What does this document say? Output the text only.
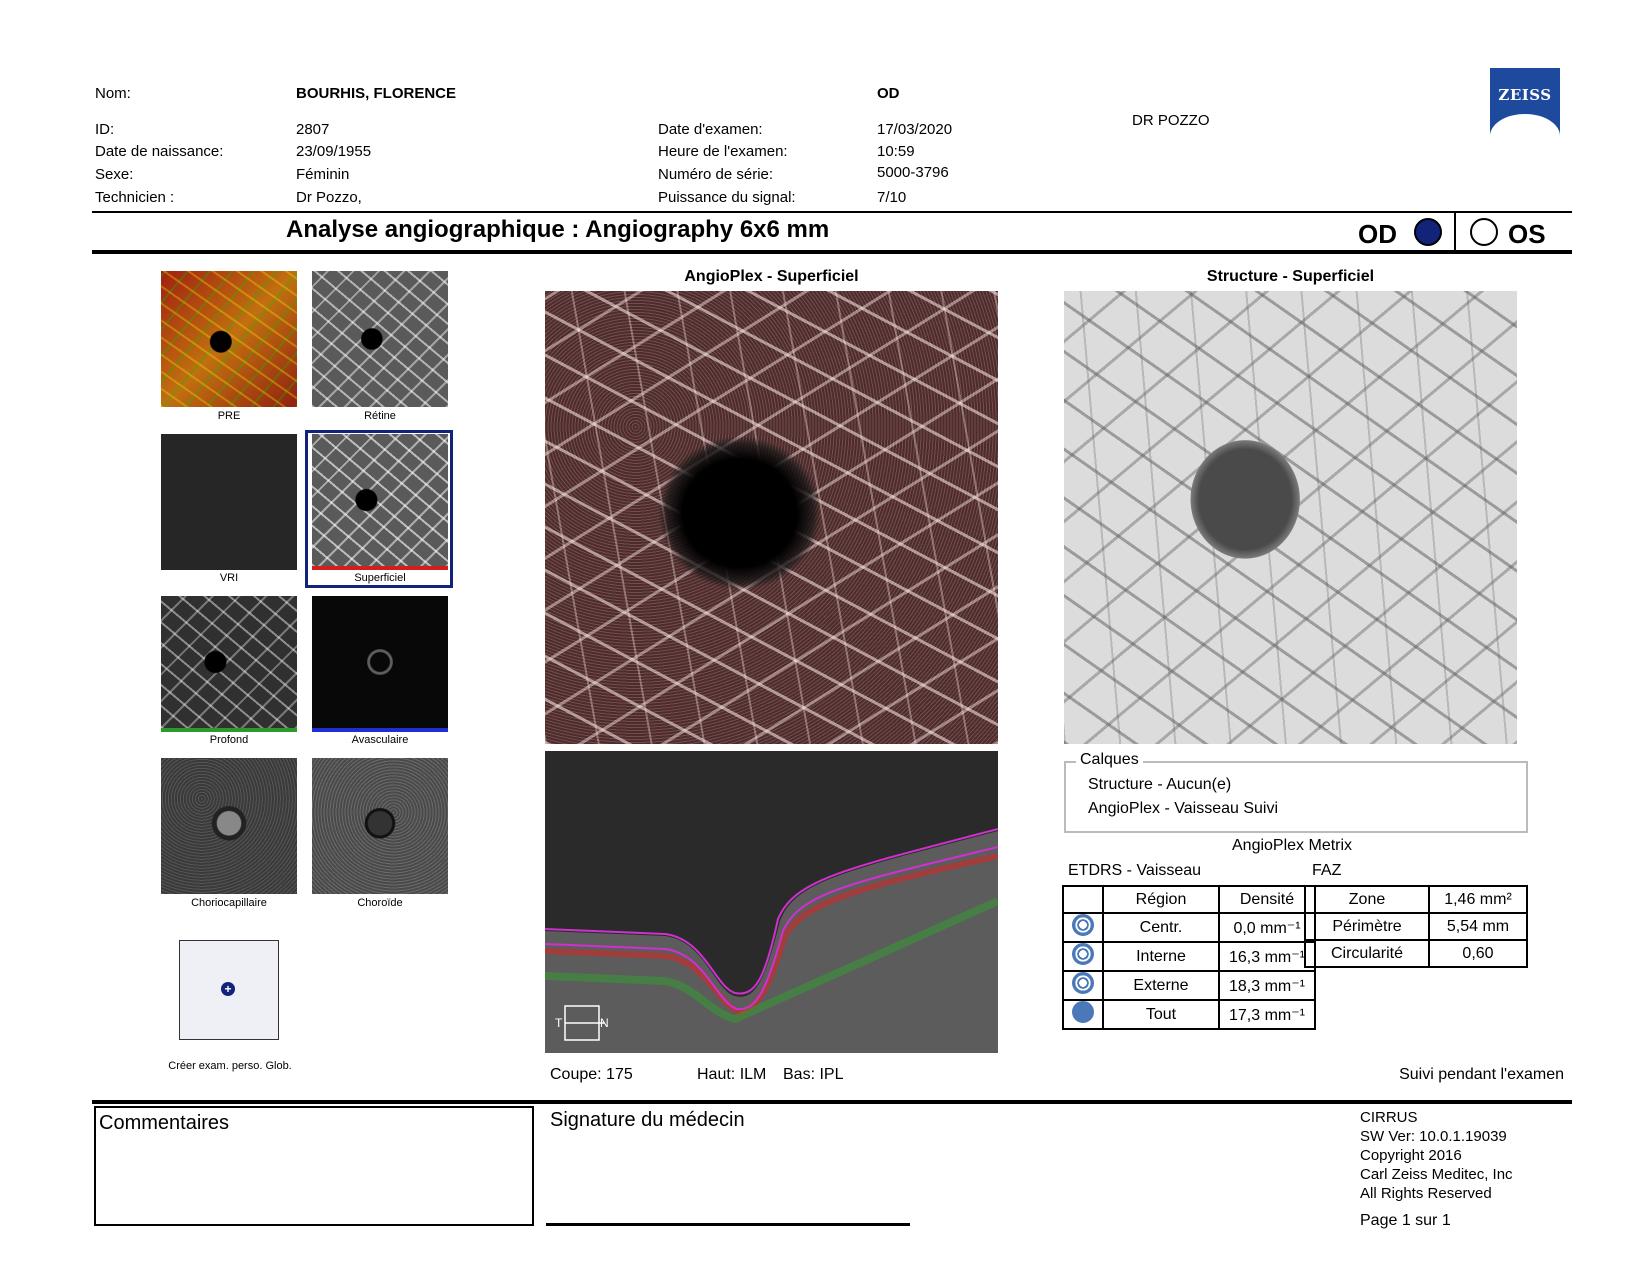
Nom:	BOURHIS, FLORENCE	OD
ID:	2807
Date de naissance:	23/09/1955
Sexe:	Féminin
Technicien :	Dr Pozzo,
Date d'examen:	17/03/2020
Heure de l'examen:	10:59
Numéro de série:	5000-3796
Puissance du signal:	7/10
DR POZZO
ZEISS
Analyse angiographique : Angiography 6x6 mm	OD	OS
PRE	Rétine
VRI	Superficiel
Profond	Avasculaire
Choriocapillaire	Choroïde
+
Créer exam. perso. Glob.
AngioPlex - Superficiel
T	N
Coupe: 175	Haut: ILM Bas: IPL
Structure - Superficiel
Calques
Structure - Aucun(e)
AngioPlex - Vaisseau Suivi
AngioPlex Metrix
ETDRS - Vaisseau	FAZ
	Région	Densité
	Centr.	0,0 mm⁻¹
	Interne	16,3 mm⁻¹
	Externe	18,3 mm⁻¹
	Tout	17,3 mm⁻¹
Zone	1,46 mm²
Périmètre	5,54 mm
Circularité	0,60
Suivi pendant l'examen
Commentaires	Signature du médecin	CIRRUS
SW Ver: 10.0.1.19039
Copyright 2016
Carl Zeiss Meditec, Inc
All Rights Reserved
Page 1 sur 1
